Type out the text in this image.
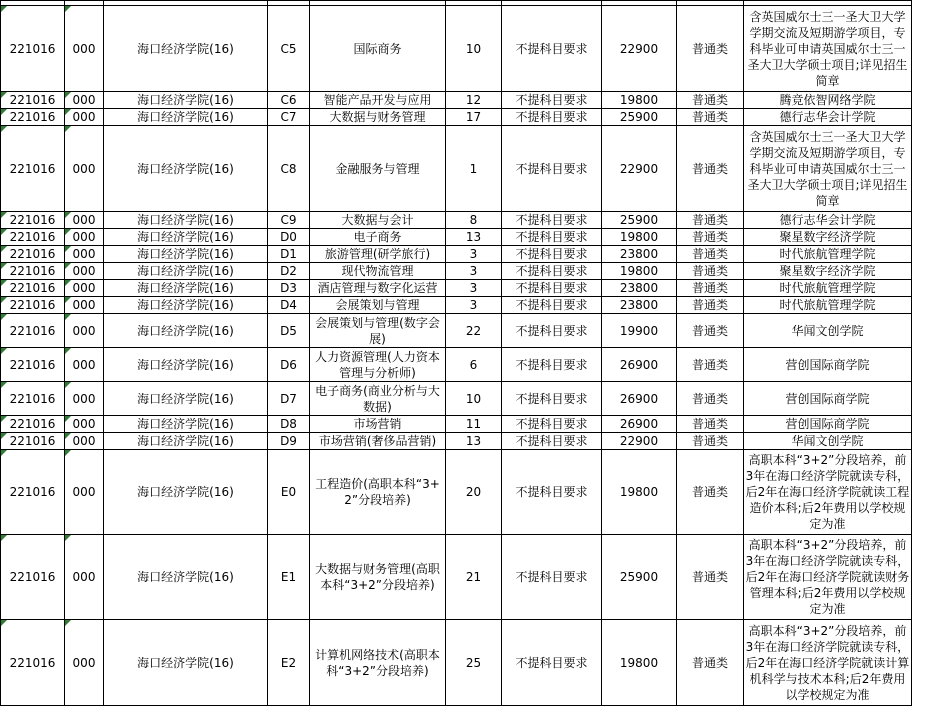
221016	000	海口经济学院(16)	C5	国际商务	10	不提科目要求	22900	普通类	含英国威尔士三一圣大卫大学学期交流及短期游学项目，专科毕业可申请英国威尔士三一圣大卫大学硕士项目;详见招生简章
221016	000	海口经济学院(16)	C6	智能产品开发与应用	12	不提科目要求	19800	普通类	腾竞依智网络学院
221016	000	海口经济学院(16)	C7	大数据与财务管理	17	不提科目要求	25900	普通类	德行志华会计学院
221016	000	海口经济学院(16)	C8	金融服务与管理	1	不提科目要求	22900	普通类	含英国威尔士三一圣大卫大学学期交流及短期游学项目，专科毕业可申请英国威尔士三一圣大卫大学硕士项目;详见招生简章
221016	000	海口经济学院(16)	C9	大数据与会计	8	不提科目要求	25900	普通类	德行志华会计学院
221016	000	海口经济学院(16)	D0	电子商务	13	不提科目要求	19800	普通类	聚星数字经济学院
221016	000	海口经济学院(16)	D1	旅游管理(研学旅行)	3	不提科目要求	23800	普通类	时代旅航管理学院
221016	000	海口经济学院(16)	D2	现代物流管理	3	不提科目要求	19800	普通类	聚星数字经济学院
221016	000	海口经济学院(16)	D3	酒店管理与数字化运营	3	不提科目要求	23800	普通类	时代旅航管理学院
221016	000	海口经济学院(16)	D4	会展策划与管理	3	不提科目要求	23800	普通类	时代旅航管理学院
221016	000	海口经济学院(16)	D5	会展策划与管理(数字会展)	22	不提科目要求	19900	普通类	华闻文创学院
221016	000	海口经济学院(16)	D6	人力资源管理(人力资本管理与分析师)	6	不提科目要求	26900	普通类	营创国际商学院
221016	000	海口经济学院(16)	D7	电子商务(商业分析与大数据)	10	不提科目要求	26900	普通类	营创国际商学院
221016	000	海口经济学院(16)	D8	市场营销	11	不提科目要求	26900	普通类	营创国际商学院
221016	000	海口经济学院(16)	D9	市场营销(奢侈品营销)	13	不提科目要求	22900	普通类	华闻文创学院
221016	000	海口经济学院(16)	E0	工程造价(高职本科“3+2”分段培养)	20	不提科目要求	19800	普通类	高职本科“3+2”分段培养，前3年在海口经济学院就读专科，后2年在海口经济学院就读工程造价本科;后2年费用以学校规定为准
221016	000	海口经济学院(16)	E1	大数据与财务管理(高职本科“3+2”分段培养)	21	不提科目要求	25900	普通类	高职本科“3+2”分段培养，前3年在海口经济学院就读专科，后2年在海口经济学院就读财务管理本科;后2年费用以学校规定为准
221016	000	海口经济学院(16)	E2	计算机网络技术(高职本科“3+2”分段培养)	25	不提科目要求	19800	普通类	高职本科“3+2”分段培养，前3年在海口经济学院就读专科，后2年在海口经济学院就读计算机科学与技术本科;后2年费用以学校规定为准
